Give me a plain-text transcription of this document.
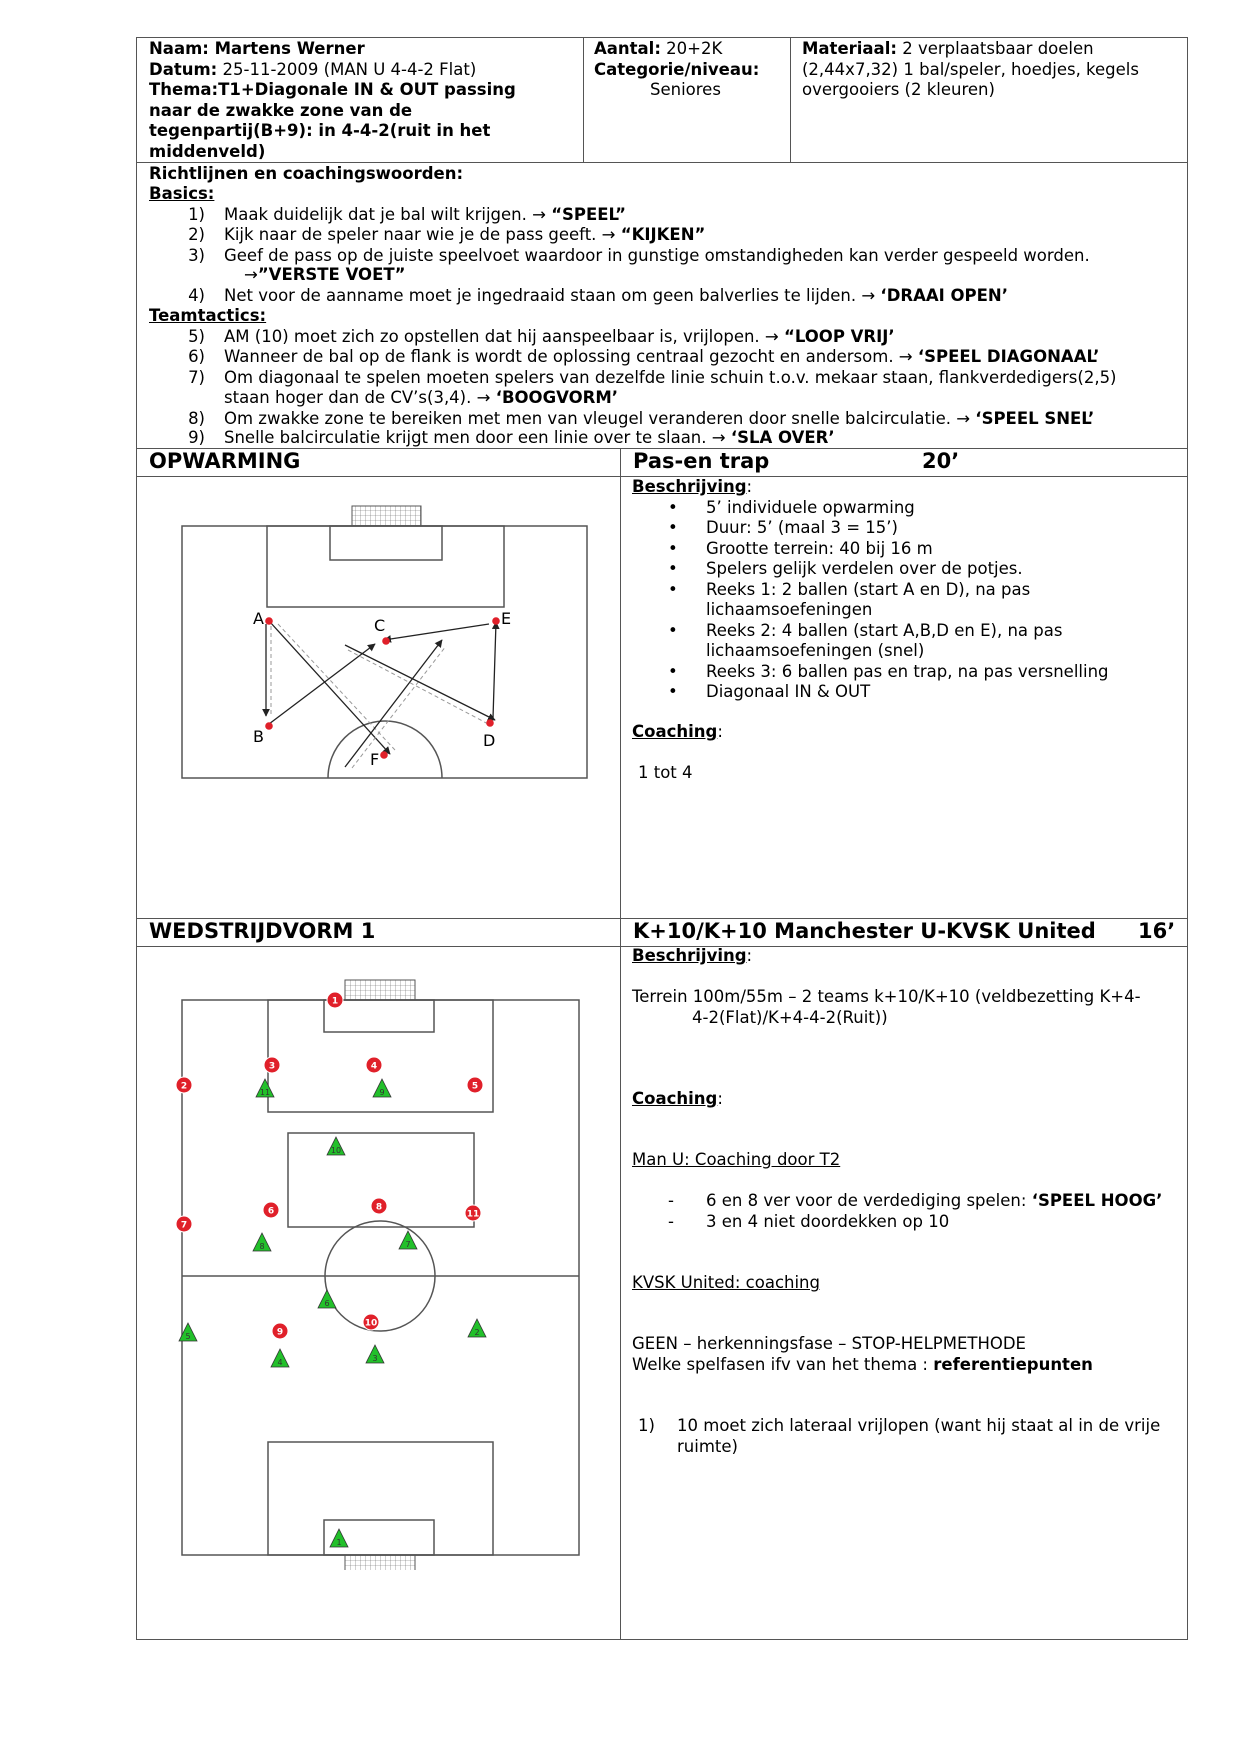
Naam: Martens Werner
Datum: 25-11-2009 (MAN U 4-4-2 Flat)
Thema:T1+Diagonale IN & OUT passing
naar de zwakke zone van de
tegenpartij(B+9): in 4-4-2(ruit in het
middenveld)
Aantal: 20+2K
Categorie/niveau:
Seniores
Materiaal: 2 verplaatsbaar doelen
(2,44x7,32) 1 bal/speler, hoedjes, kegels
overgooiers (2 kleuren)
Richtlijnen en coachingswoorden:
Basics:
1) Maak duidelijk dat je bal wilt krijgen. → “SPEEL”
2) Kijk naar de speler naar wie je de pass geeft. → “KIJKEN”
3) Geef de pass op de juiste speelvoet waardoor in gunstige omstandigheden kan verder gespeeld worden.
→”VERSTE VOET”
4) Net voor de aanname moet je ingedraaid staan om geen balverlies te lijden. → ‘DRAAI OPEN’
Teamtactics:
5) AM (10) moet zich zo opstellen dat hij aanspeelbaar is, vrijlopen. → “LOOP VRIJ’
6) Wanneer de bal op de flank is wordt de oplossing centraal gezocht en andersom. → ‘SPEEL DIAGONAAL’
7) Om diagonaal te spelen moeten spelers van dezelfde linie schuin t.o.v. mekaar staan, flankverdedigers(2,5)
staan hoger dan de CV’s(3,4). → ‘BOOGVORM’
8) Om zwakke zone te bereiken met men van vleugel veranderen door snelle balcirculatie. → ‘SPEEL SNEL’
9) Snelle balcirculatie krijgt men door een linie over te slaan. → ‘SLA OVER’
OPWARMING	Pas-en trap	20’
A
B
C
D
E
F
Beschrijving:
• 5’ individuele opwarming
• Duur: 5’ (maal 3 = 15’)
• Grootte terrein: 40 bij 16 m
• Spelers gelijk verdelen over de potjes.
• Reeks 1: 2 ballen (start A en D), na pas
lichaamsoefeningen
• Reeks 2: 4 ballen (start A,B,D en E), na pas
lichaamsoefeningen (snel)
• Reeks 3: 6 ballen pas en trap, na pas versnelling
• Diagonaal IN & OUT
Coaching:
1 tot 4
WEDSTRIJDVORM 1	K+10/K+10 Manchester U-KVSK United 16’
1
3	4
2	5
6	8
7
11
9
10
11	9
10
8	7
6
5	2
4	3
1
Beschrijving:
Terrein 100m/55m – 2 teams k+10/K+10 (veldbezetting K+4-
4-2(Flat)/K+4-4-2(Ruit))
Coaching:
Man U: Coaching door T2
- 6 en 8 ver voor de verdediging spelen: ‘SPEEL HOOG’
- 3 en 4 niet doordekken op 10
KVSK United: coaching
GEEN – herkenningsfase – STOP-HELPMETHODE
Welke spelfasen ifv van het thema : referentiepunten
1) 10 moet zich lateraal vrijlopen (want hij staat al in de vrije
ruimte)
